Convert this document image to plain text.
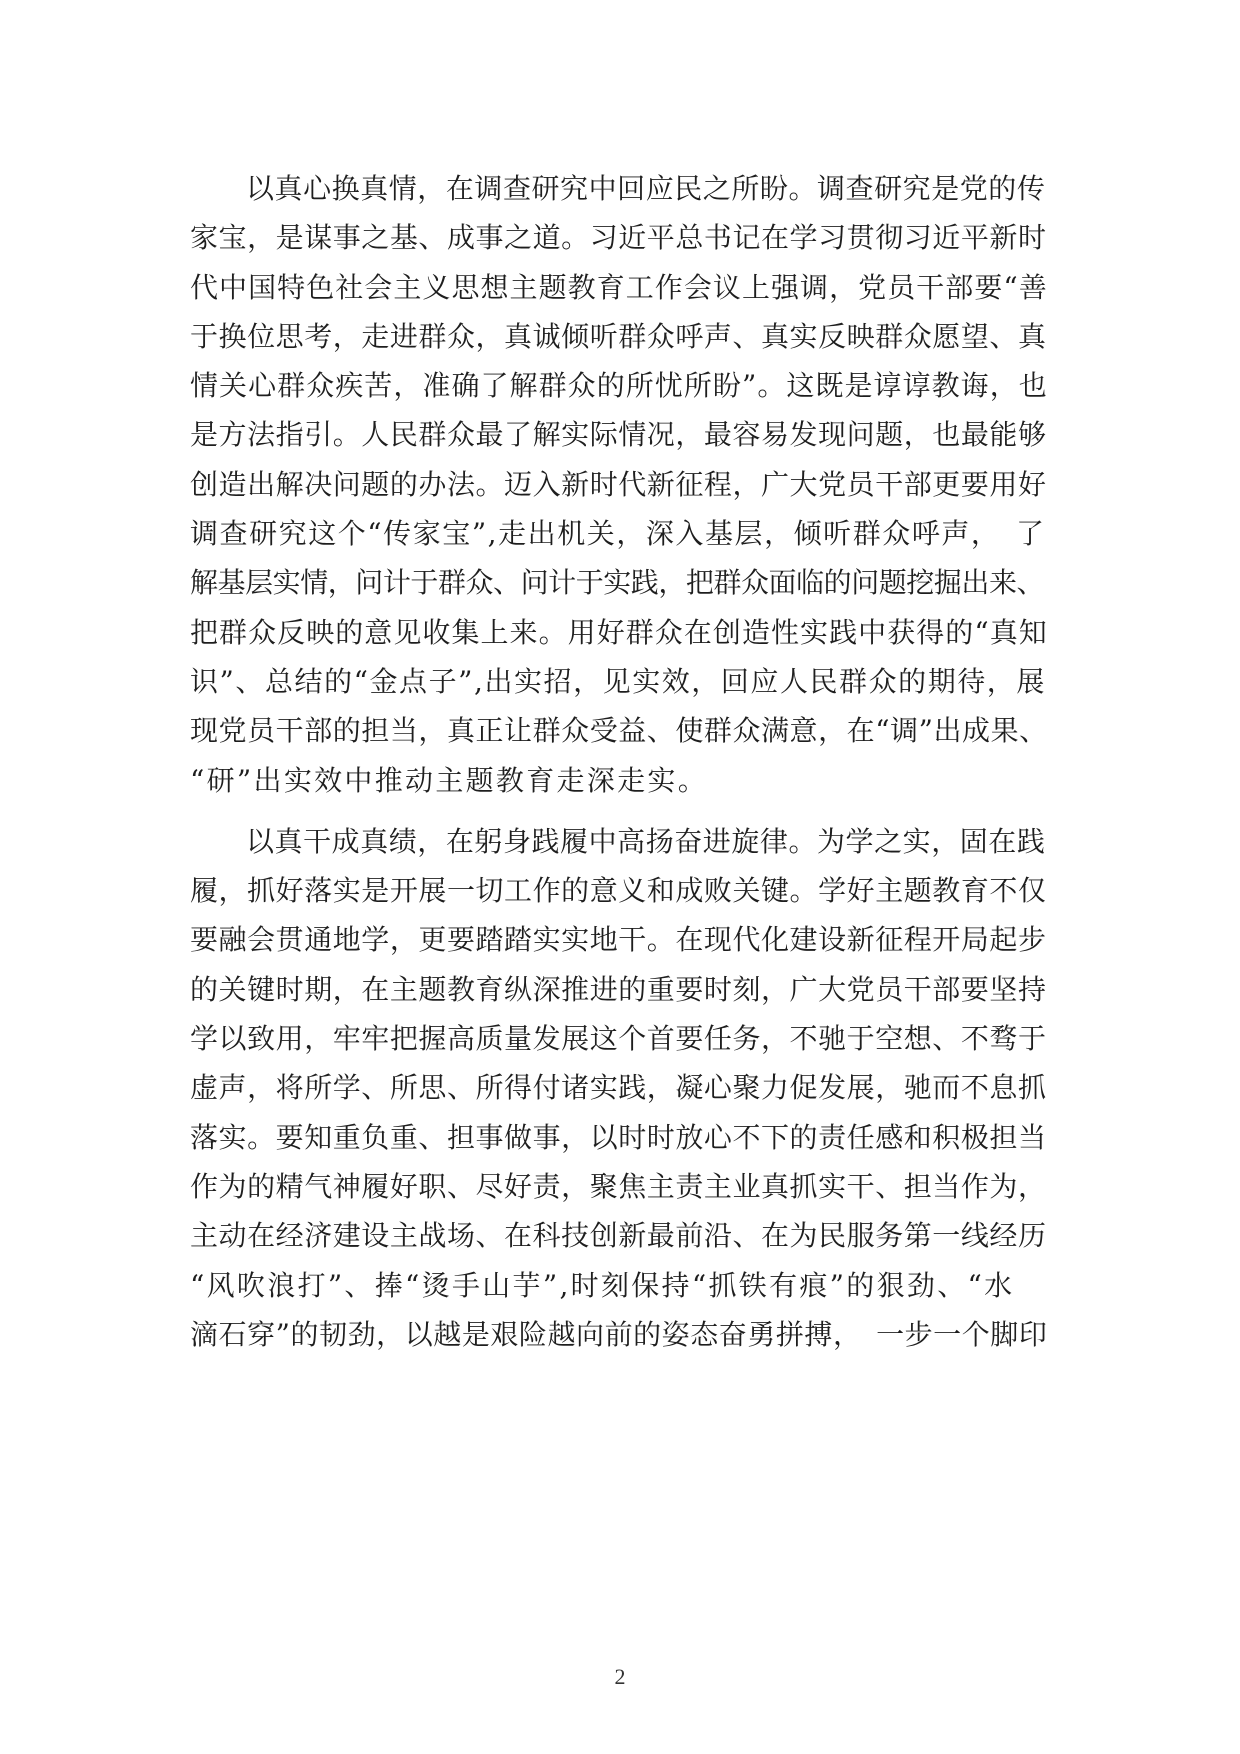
以真心换真情，在调查研究中回应民之所盼。调查研究是党的传
家宝，是谋事之基、成事之道。习近平总书记在学习贯彻习近平新时
代中国特色社会主义思想主题教育工作会议上强调，党员干部要“善
于换位思考，走进群众，真诚倾听群众呼声、真实反映群众愿望、真
情关心群众疾苦，准确了解群众的所忧所盼”。这既是谆谆教诲，也
是方法指引。人民群众最了解实际情况，最容易发现问题，也最能够
创造出解决问题的办法。迈入新时代新征程，广大党员干部更要用好
调查研究这个“传家宝”,走出机关，深入基层，倾听群众呼声，　了
解基层实情，问计于群众、问计于实践，把群众面临的问题挖掘出来、
把群众反映的意见收集上来。用好群众在创造性实践中获得的“真知
识”、总结的“金点子”,出实招，见实效，回应人民群众的期待，展
现党员干部的担当，真正让群众受益、使群众满意，在“调”出成果、
“研”出实效中推动主题教育走深走实。

以真干成真绩，在躬身践履中高扬奋进旋律。为学之实，固在践
履，抓好落实是开展一切工作的意义和成败关键。学好主题教育不仅
要融会贯通地学，更要踏踏实实地干。在现代化建设新征程开局起步
的关键时期，在主题教育纵深推进的重要时刻，广大党员干部要坚持
学以致用，牢牢把握高质量发展这个首要任务，不驰于空想、不骛于
虚声，将所学、所思、所得付诸实践，凝心聚力促发展，驰而不息抓
落实。要知重负重、担事做事，以时时放心不下的责任感和积极担当
作为的精气神履好职、尽好责，聚焦主责主业真抓实干、担当作为，
主动在经济建设主战场、在科技创新最前沿、在为民服务第一线经历
“风吹浪打”、捧“烫手山芋”,时刻保持“抓铁有痕”的狠劲、“水
滴石穿”的韧劲，以越是艰险越向前的姿态奋勇拼搏，　一步一个脚印

2
